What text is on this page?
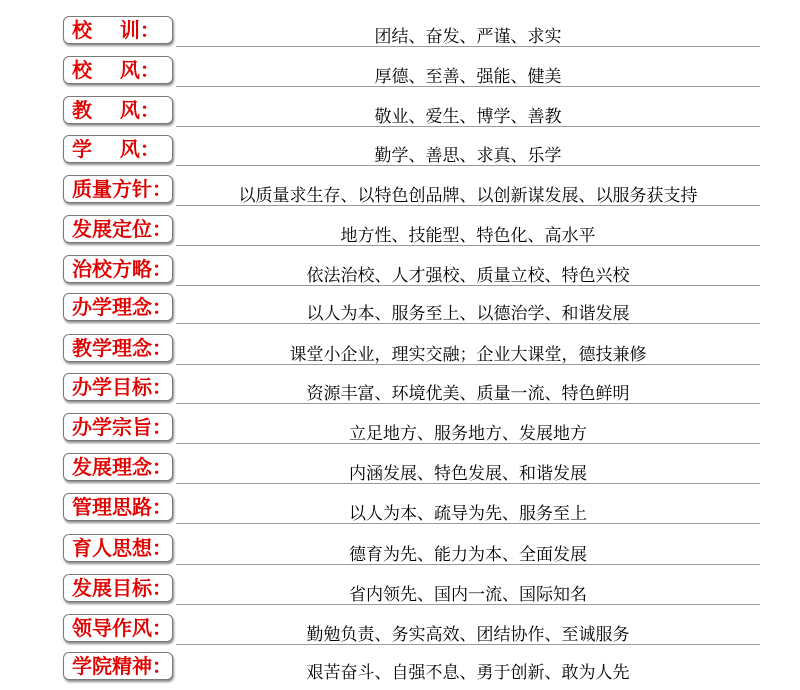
校    训：	团结、奋发、严谨、求实
校    风：	厚德、至善、强能、健美
教    风：	敬业、爱生、博学、善教
学    风：	勤学、善思、求真、乐学
质量方针：	以质量求生存、以特色创品牌、以创新谋发展、以服务获支持
发展定位：	地方性、技能型、特色化、高水平
治校方略：	依法治校、人才强校、质量立校、特色兴校
办学理念：	以人为本、服务至上、以德治学、和谐发展
教学理念：	课堂小企业，理实交融；企业大课堂，德技兼修
办学目标：	资源丰富、环境优美、质量一流、特色鲜明
办学宗旨：	立足地方、服务地方、发展地方
发展理念：	内涵发展、特色发展、和谐发展
管理思路：	以人为本、疏导为先、服务至上
育人思想：	德育为先、能力为本、全面发展
发展目标：	省内领先、国内一流、国际知名
领导作风：	勤勉负责、务实高效、团结协作、至诚服务
学院精神：	艰苦奋斗、自强不息、勇于创新、敢为人先
